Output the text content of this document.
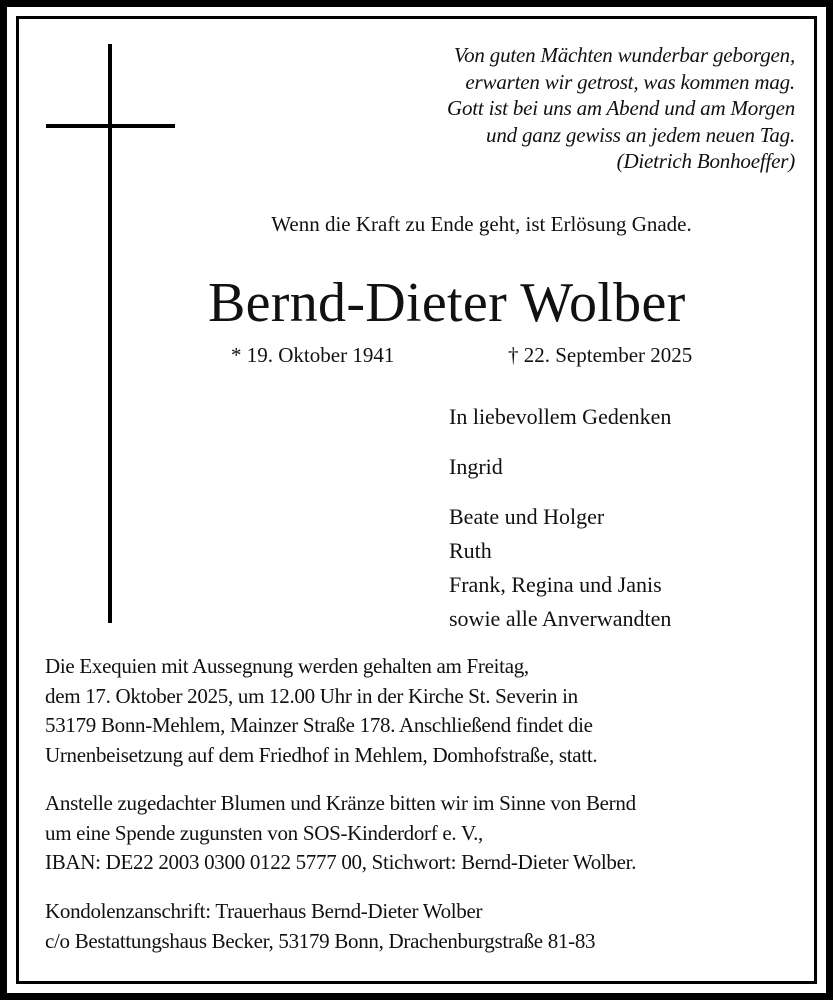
Von guten Mächten wunderbar geborgen,
erwarten wir getrost, was kommen mag.
Gott ist bei uns am Abend und am Morgen
und ganz gewiss an jedem neuen Tag.
(Dietrich Bonhoeffer)
Wenn die Kraft zu Ende geht, ist Erlösung Gnade.
Bernd-Dieter Wolber
* 19. Oktober 1941	† 22. September 2025
In liebevollem Gedenken
Ingrid
Beate und Holger
Ruth
Frank, Regina und Janis
sowie alle Anverwandten
Die Exequien mit Aussegnung werden gehalten am Freitag,
dem 17. Oktober 2025, um 12.00 Uhr in der Kirche St. Severin in
53179 Bonn-Mehlem, Mainzer Straße 178. Anschließend findet die
Urnenbeisetzung auf dem Friedhof in Mehlem, Domhofstraße, statt.
Anstelle zugedachter Blumen und Kränze bitten wir im Sinne von Bernd
um eine Spende zugunsten von SOS-Kinderdorf e. V.,
IBAN: DE22 2003 0300 0122 5777 00, Stichwort: Bernd-Dieter Wolber.
Kondolenzanschrift: Trauerhaus Bernd-Dieter Wolber
c/o Bestattungshaus Becker, 53179 Bonn, Drachenburgstraße 81-83
